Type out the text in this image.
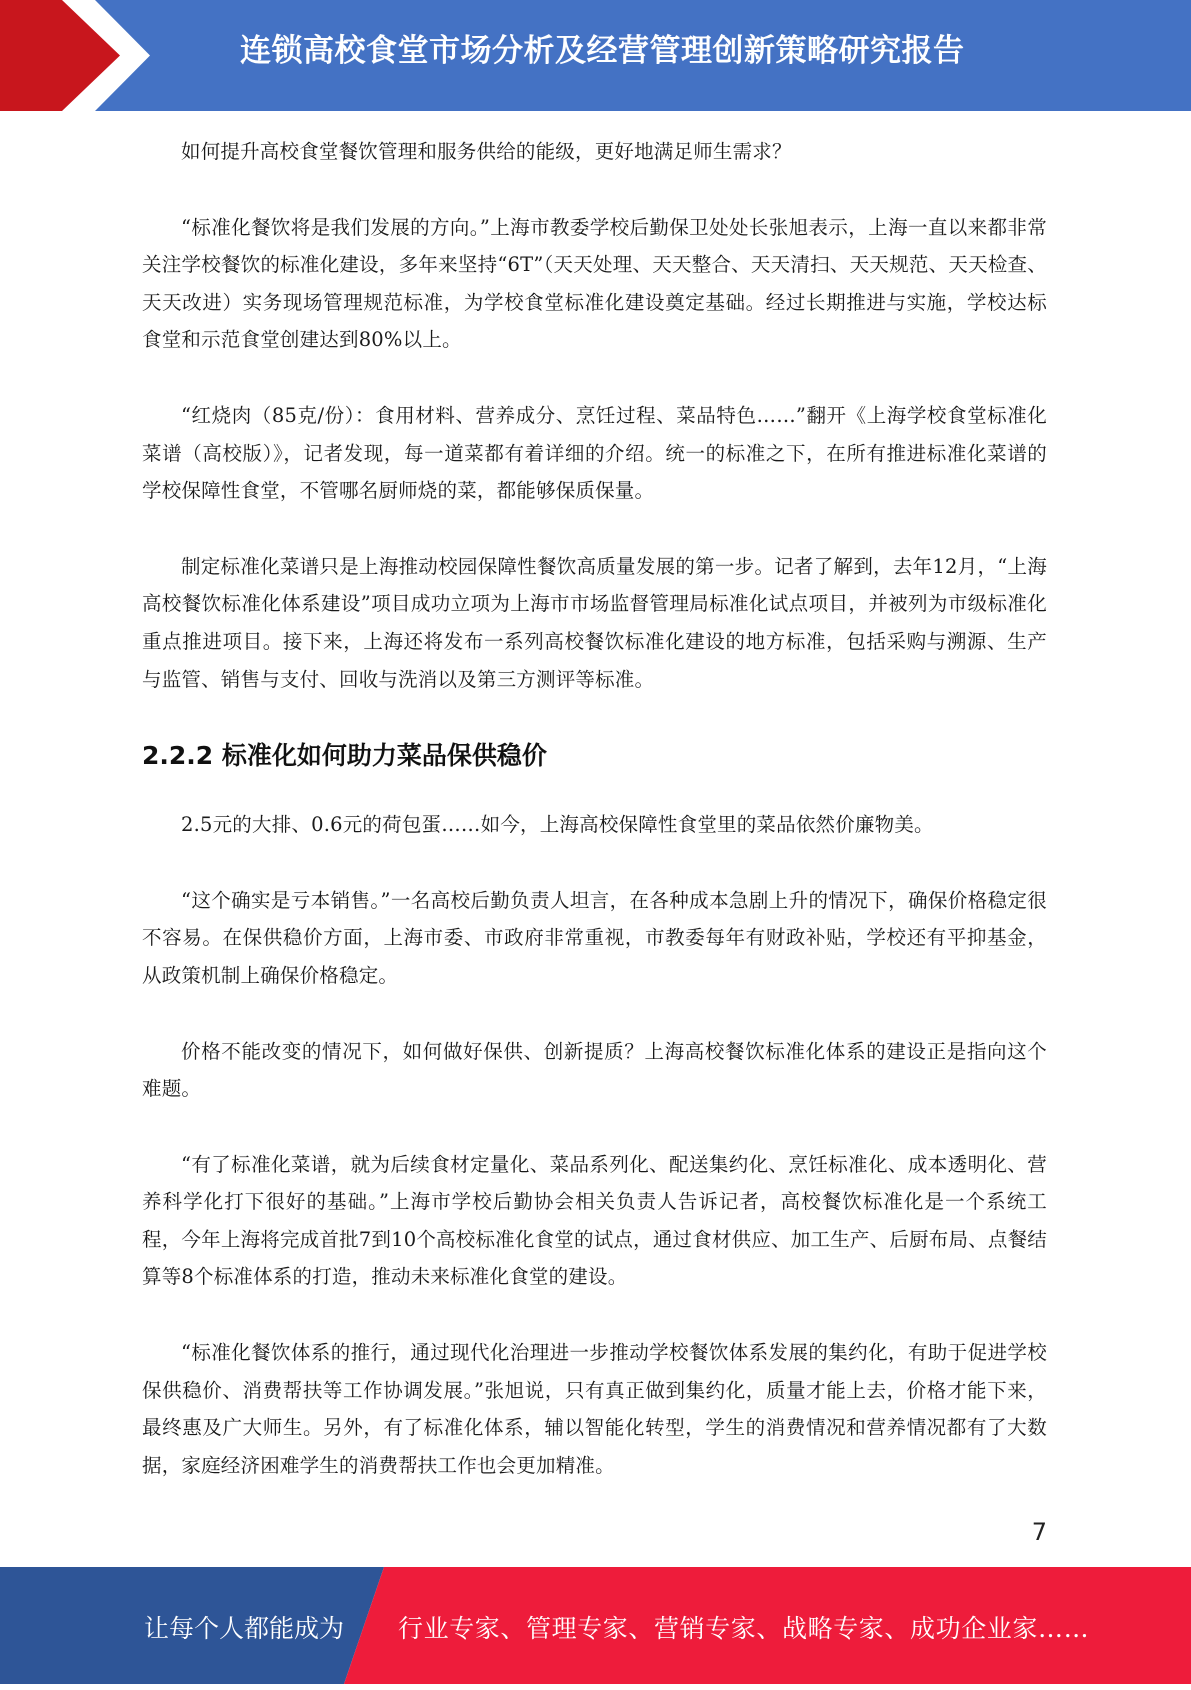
连锁高校食堂市场分析及经营管理创新策略研究报告

如何提升高校食堂餐饮管理和服务供给的能级，更好地满足师生需求？

“标准化餐饮将是我们发展的方向。”上海市教委学校后勤保卫处处长张旭表示，上海一直以来都非常关注学校餐饮的标准化建设，多年来坚持“6T”（天天处理、天天整合、天天清扫、天天规范、天天检查、天天改进）实务现场管理规范标准，为学校食堂标准化建设奠定基础。经过长期推进与实施，学校达标食堂和示范食堂创建达到80%以上。

“红烧肉（85克/份）：食用材料、营养成分、烹饪过程、菜品特色……”翻开《上海学校食堂标准化菜谱（高校版）》，记者发现，每一道菜都有着详细的介绍。统一的标准之下，在所有推进标准化菜谱的学校保障性食堂，不管哪名厨师烧的菜，都能够保质保量。

制定标准化菜谱只是上海推动校园保障性餐饮高质量发展的第一步。记者了解到，去年12月，“上海高校餐饮标准化体系建设”项目成功立项为上海市市场监督管理局标准化试点项目，并被列为市级标准化重点推进项目。接下来，上海还将发布一系列高校餐饮标准化建设的地方标准，包括采购与溯源、生产与监管、销售与支付、回收与洗消以及第三方测评等标准。

2.2.2 标准化如何助力菜品保供稳价

2.5元的大排、0.6元的荷包蛋……如今，上海高校保障性食堂里的菜品依然价廉物美。

“这个确实是亏本销售。”一名高校后勤负责人坦言，在各种成本急剧上升的情况下，确保价格稳定很不容易。在保供稳价方面，上海市委、市政府非常重视，市教委每年有财政补贴，学校还有平抑基金，从政策机制上确保价格稳定。

价格不能改变的情况下，如何做好保供、创新提质？上海高校餐饮标准化体系的建设正是指向这个难题。

“有了标准化菜谱，就为后续食材定量化、菜品系列化、配送集约化、烹饪标准化、成本透明化、营养科学化打下很好的基础。”上海市学校后勤协会相关负责人告诉记者，高校餐饮标准化是一个系统工程，今年上海将完成首批7到10个高校标准化食堂的试点，通过食材供应、加工生产、后厨布局、点餐结算等8个标准体系的打造，推动未来标准化食堂的建设。

“标准化餐饮体系的推行，通过现代化治理进一步推动学校餐饮体系发展的集约化，有助于促进学校保供稳价、消费帮扶等工作协调发展。”张旭说，只有真正做到集约化，质量才能上去，价格才能下来，最终惠及广大师生。另外，有了标准化体系，辅以智能化转型，学生的消费情况和营养情况都有了大数据，家庭经济困难学生的消费帮扶工作也会更加精准。

7
让每个人都能成为 行业专家、管理专家、营销专家、战略专家、成功企业家……
